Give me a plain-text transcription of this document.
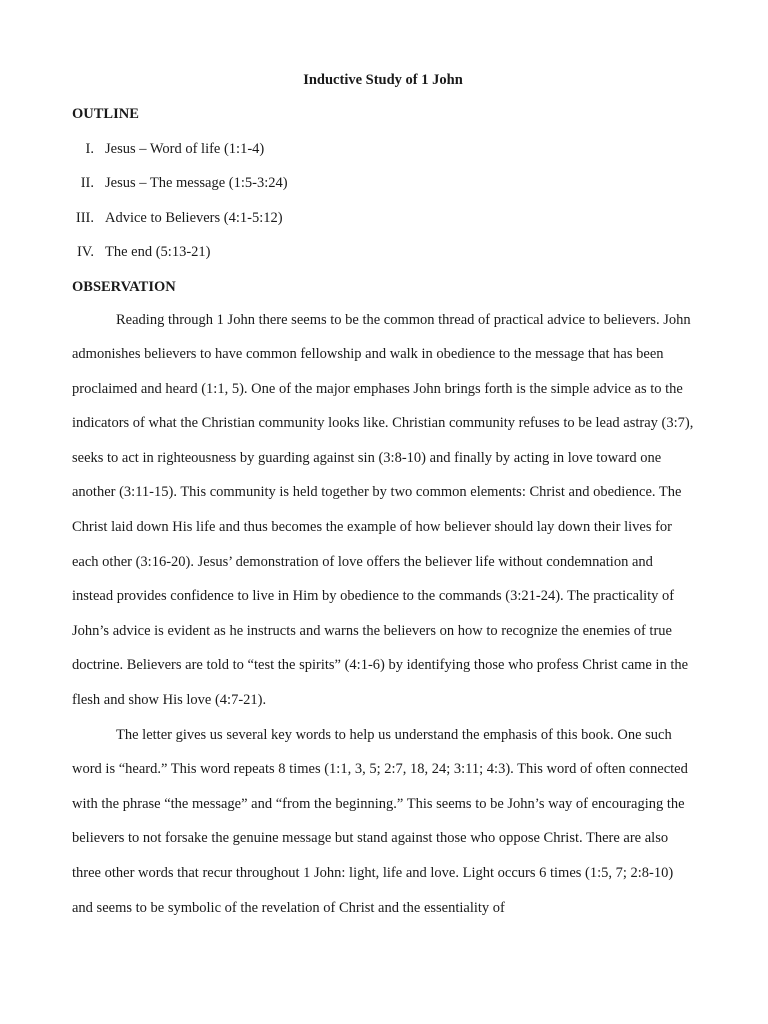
Inductive Study of 1 John
OUTLINE
I. Jesus – Word of life (1:1-4)
II. Jesus – The message (1:5-3:24)
III. Advice to Believers (4:1-5:12)
IV. The end (5:13-21)
OBSERVATION

Reading through 1 John there seems to be the common thread of practical advice to believers. John admonishes believers to have common fellowship and walk in obedience to the message that has been proclaimed and heard (1:1, 5). One of the major emphases John brings forth is the simple advice as to the indicators of what the Christian community looks like. Christian community refuses to be lead astray (3:7), seeks to act in righteousness by guarding against sin (3:8-10) and finally by acting in love toward one another (3:11-15). This community is held together by two common elements: Christ and obedience. The Christ laid down His life and thus becomes the example of how believer should lay down their lives for each other (3:16-20). Jesus’ demonstration of love offers the believer life without condemnation and instead provides confidence to live in Him by obedience to the commands (3:21-24). The practicality of John’s advice is evident as he instructs and warns the believers on how to recognize the enemies of true doctrine. Believers are told to “test the spirits” (4:1-6) by identifying those who profess Christ came in the flesh and show His love (4:7-21).

The letter gives us several key words to help us understand the emphasis of this book. One such word is “heard.” This word repeats 8 times (1:1, 3, 5; 2:7, 18, 24; 3:11; 4:3). This word of often connected with the phrase “the message” and “from the beginning.” This seems to be John’s way of encouraging the believers to not forsake the genuine message but stand against those who oppose Christ. There are also three other words that recur throughout 1 John: light, life and love. Light occurs 6 times (1:5, 7; 2:8-10) and seems to be symbolic of the revelation of Christ and the essentiality of
